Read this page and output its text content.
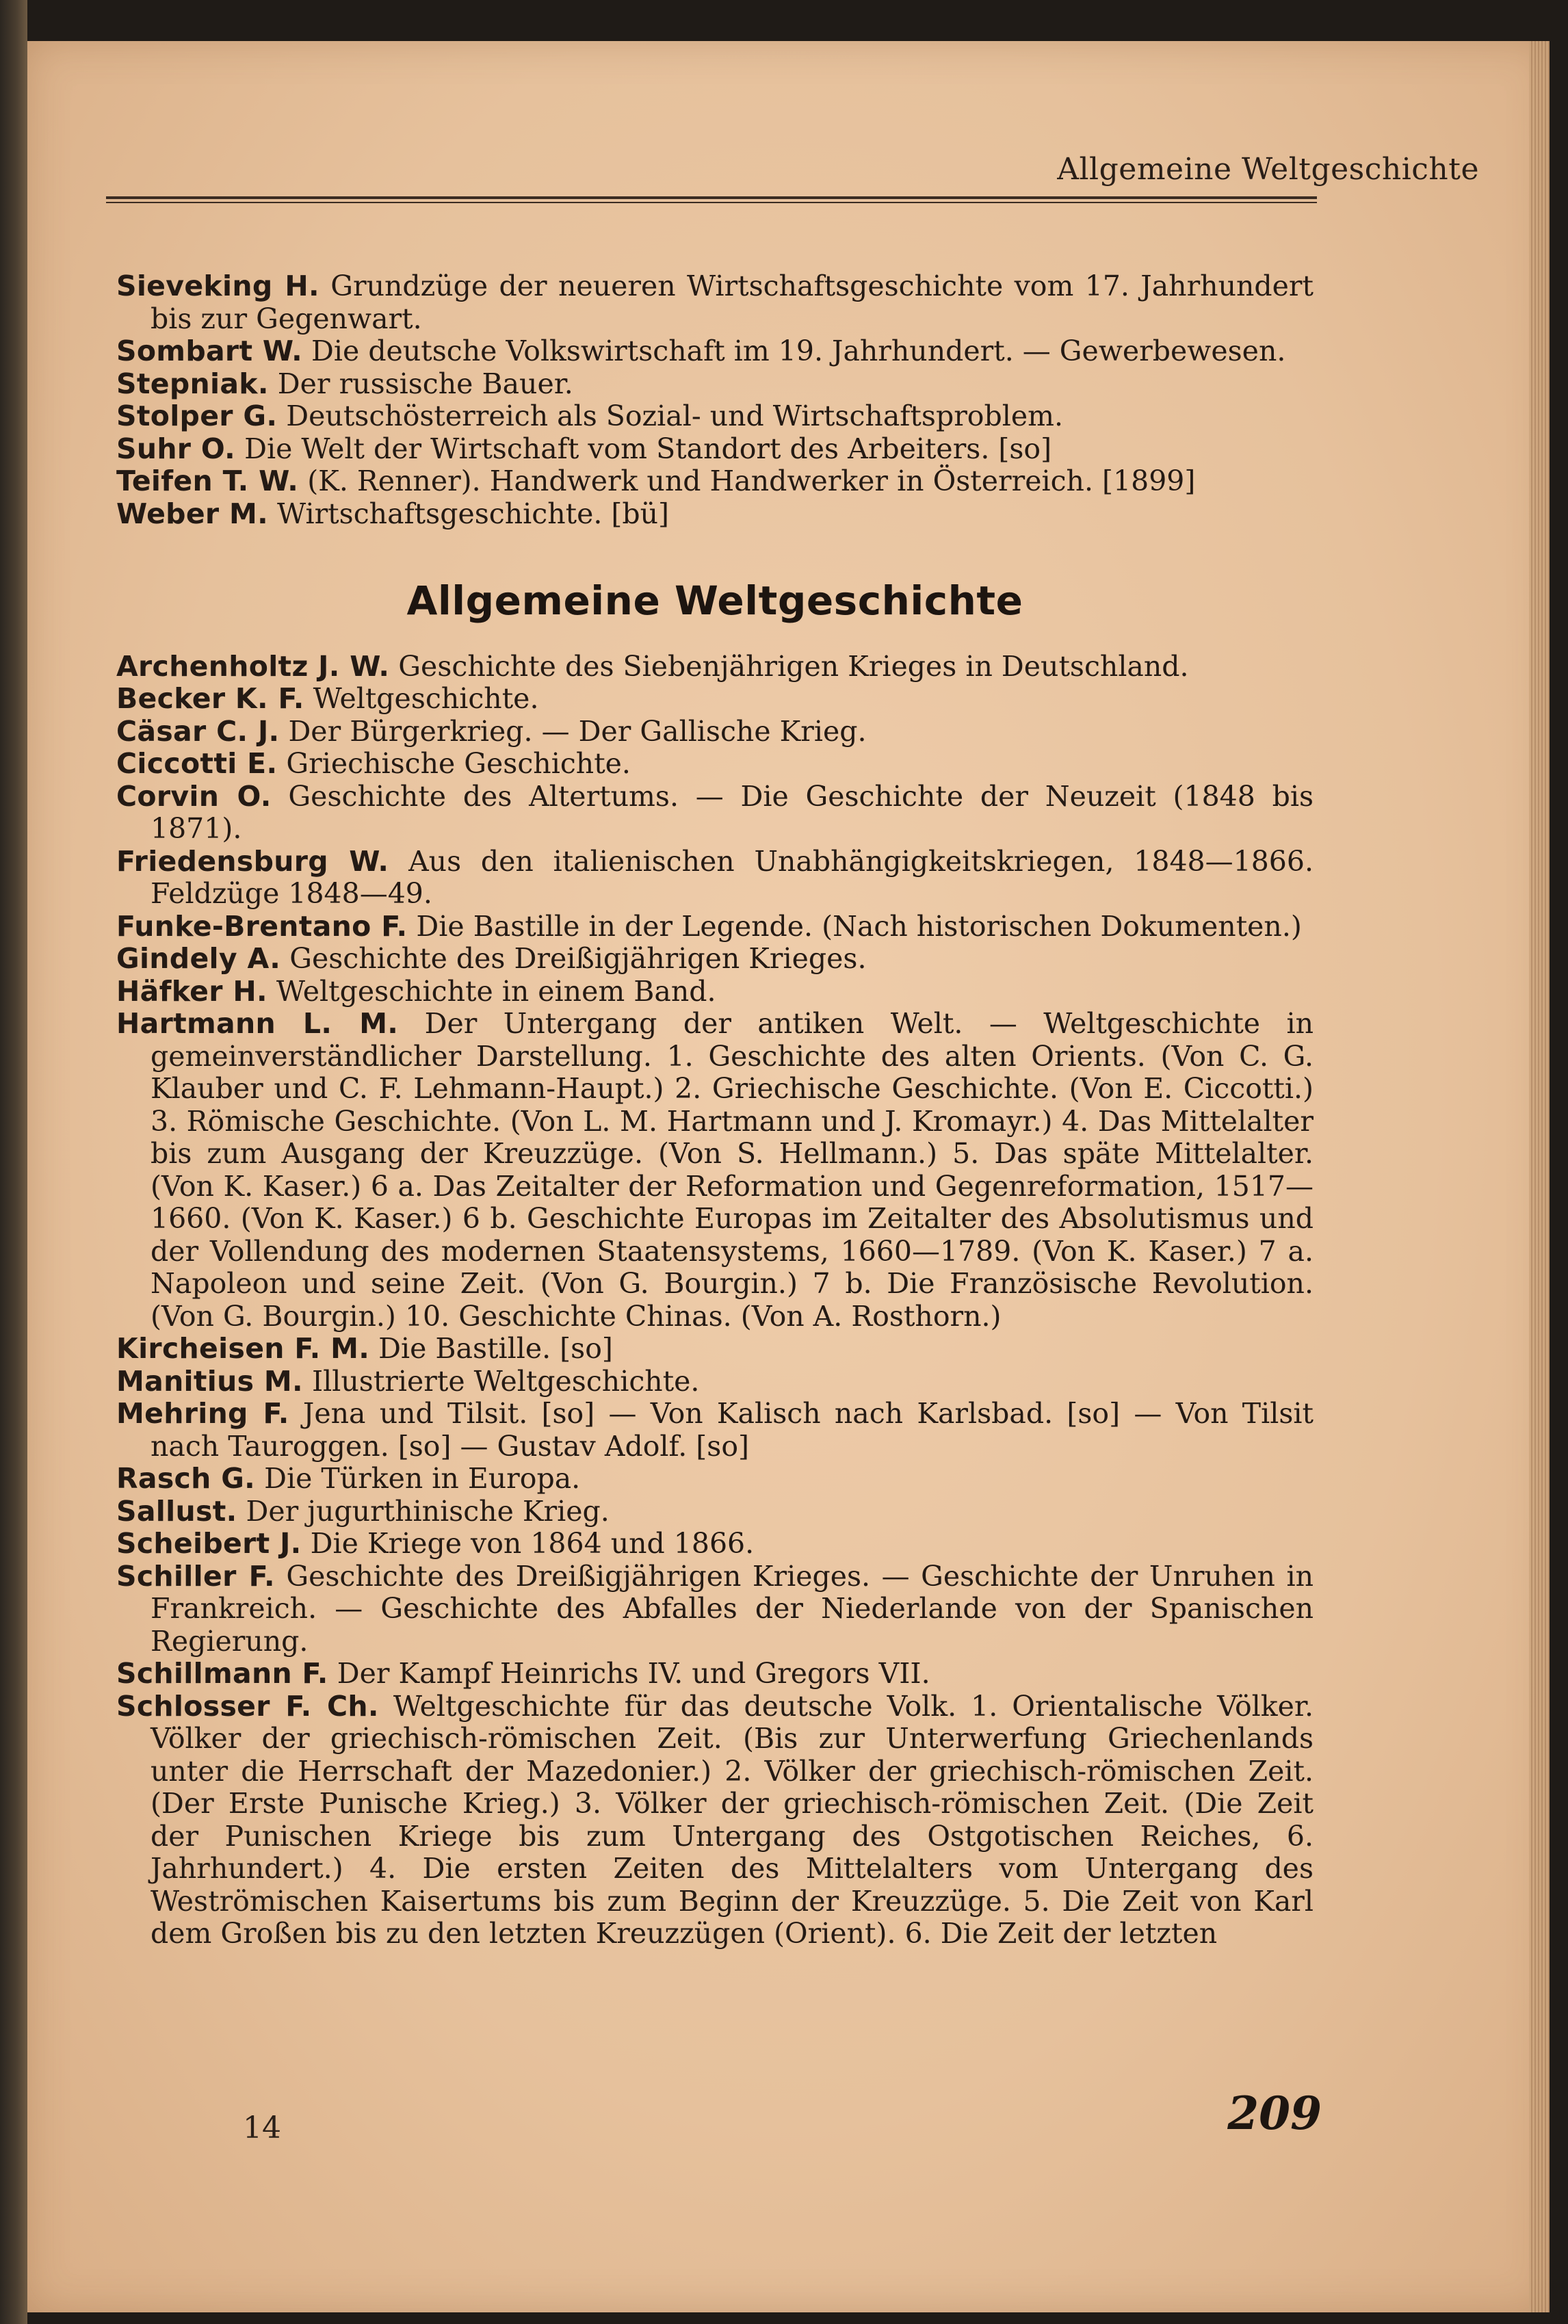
Allgemeine Weltgeschichte

Sieveking H. Grundzüge der neueren Wirtschaftsgeschichte vom 17. Jahrhundert bis zur Gegenwart.

Sombart W. Die deutsche Volkswirtschaft im 19. Jahrhundert. — Gewerbewesen.

Stepniak. Der russische Bauer.

Stolper G. Deutschösterreich als Sozial- und Wirtschaftsproblem.

Suhr O. Die Welt der Wirtschaft vom Standort des Arbeiters. [so]

Teifen T. W. (K. Renner). Handwerk und Handwerker in Österreich. [1899]

Weber M. Wirtschaftsgeschichte. [bü]

Allgemeine Weltgeschichte

Archenholtz J. W. Geschichte des Siebenjährigen Krieges in Deutschland.

Becker K. F. Weltgeschichte.

Cäsar C. J. Der Bürgerkrieg. — Der Gallische Krieg.

Ciccotti E. Griechische Geschichte.

Corvin O. Geschichte des Altertums. — Die Geschichte der Neuzeit (1848 bis 1871).

Friedensburg W. Aus den italienischen Unabhängigkeitskriegen, 1848—1866. Feldzüge 1848—49.

Funke-Brentano F. Die Bastille in der Legende. (Nach historischen Dokumenten.)

Gindely A. Geschichte des Dreißigjährigen Krieges.

Häfker H. Weltgeschichte in einem Band.

Hartmann L. M. Der Untergang der antiken Welt. — Weltgeschichte in gemeinverständlicher Darstellung. 1. Geschichte des alten Orients. (Von C. G. Klauber und C. F. Lehmann-Haupt.) 2. Griechische Geschichte. (Von E. Ciccotti.) 3. Römische Geschichte. (Von L. M. Hartmann und J. Kromayr.) 4. Das Mittelalter bis zum Ausgang der Kreuzzüge. (Von S. Hellmann.) 5. Das späte Mittelalter. (Von K. Kaser.) 6 a. Das Zeitalter der Reformation und Gegenreformation, 1517—1660. (Von K. Kaser.) 6 b. Geschichte Europas im Zeitalter des Absolutismus und der Vollendung des modernen Staatensystems, 1660—1789. (Von K. Kaser.) 7 a. Napoleon und seine Zeit. (Von G. Bourgin.) 7 b. Die Französische Revolution. (Von G. Bourgin.) 10. Geschichte Chinas. (Von A. Rosthorn.)

Kircheisen F. M. Die Bastille. [so]

Manitius M. Illustrierte Weltgeschichte.

Mehring F. Jena und Tilsit. [so] — Von Kalisch nach Karlsbad. [so] — Von Tilsit nach Tauroggen. [so] — Gustav Adolf. [so]

Rasch G. Die Türken in Europa.

Sallust. Der jugurthinische Krieg.

Scheibert J. Die Kriege von 1864 und 1866.

Schiller F. Geschichte des Dreißigjährigen Krieges. — Geschichte der Unruhen in Frankreich. — Geschichte des Abfalles der Niederlande von der Spanischen Regierung.

Schillmann F. Der Kampf Heinrichs IV. und Gregors VII.

Schlosser F. Ch. Weltgeschichte für das deutsche Volk. 1. Orientalische Völker. Völker der griechisch-römischen Zeit. (Bis zur Unterwerfung Griechenlands unter die Herrschaft der Mazedonier.) 2. Völker der griechisch-römischen Zeit. (Der Erste Punische Krieg.) 3. Völker der griechisch-römischen Zeit. (Die Zeit der Punischen Kriege bis zum Untergang des Ostgotischen Reiches, 6. Jahrhundert.) 4. Die ersten Zeiten des Mittelalters vom Untergang des Weströmischen Kaisertums bis zum Beginn der Kreuzzüge. 5. Die Zeit von Karl dem Großen bis zu den letzten Kreuzzügen (Orient). 6. Die Zeit der letzten

14	209
